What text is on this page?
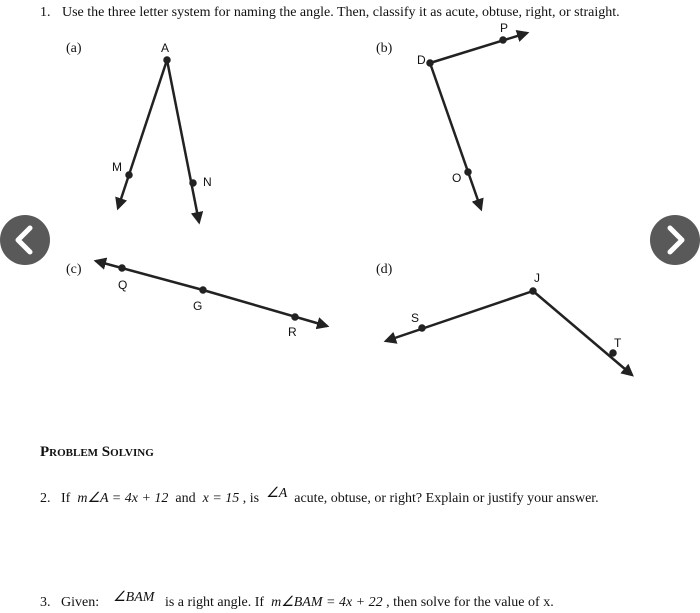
1. Use the three letter system for naming the angle. Then, classify it as acute, obtuse, right, or straight.
(a)	(b)
(c)	(d)
A
M
N
D
P
O
Q
G
R
J
S
T
Problem Solving
2. If m∠A = 4x + 12 and x = 15 , is ∠A acute, obtuse, or right? Explain or justify your answer.
3. Given: ∠BAM is a right angle. If m∠BAM = 4x + 22 , then solve for the value of x.
